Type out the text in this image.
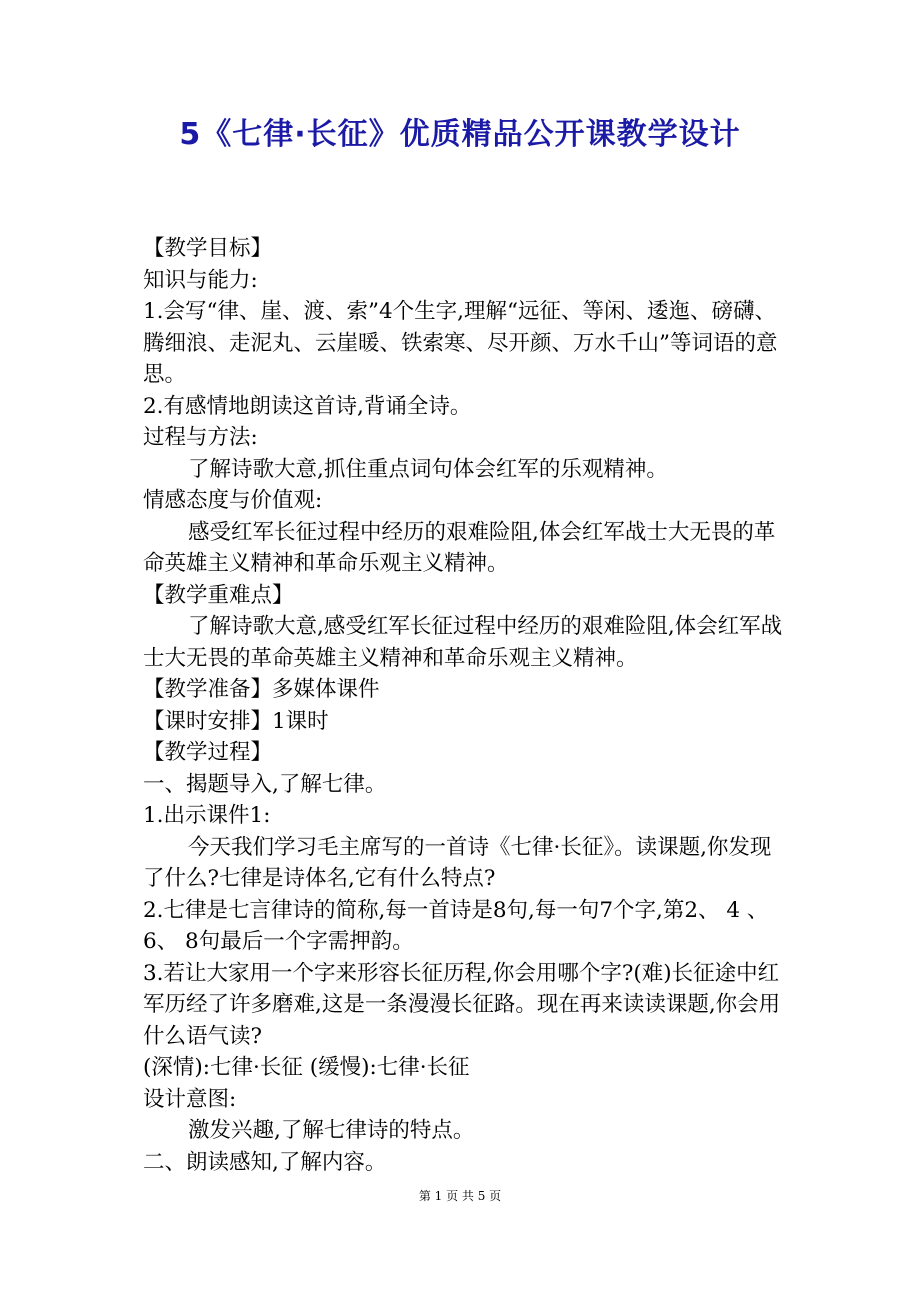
5《七律·长征》优质精品公开课教学设计

【教学目标】

知识与能力:

1.会写“律、崖、渡、索”4个生字,理解“远征、等闲、逶迤、磅礴、腾细浪、走泥丸、云崖暖、铁索寒、尽开颜、万水千山”等词语的意思。

2.有感情地朗读这首诗,背诵全诗。

过程与方法:

了解诗歌大意,抓住重点词句体会红军的乐观精神。

情感态度与价值观:

感受红军长征过程中经历的艰难险阻,体会红军战士大无畏的革命英雄主义精神和革命乐观主义精神。

【教学重难点】

了解诗歌大意,感受红军长征过程中经历的艰难险阻,体会红军战士大无畏的革命英雄主义精神和革命乐观主义精神。

【教学准备】多媒体课件

【课时安排】1课时

【教学过程】

一、揭题导入,了解七律。

1.出示课件1:

今天我们学习毛主席写的一首诗《七律·长征》。读课题,你发现了什么?七律是诗体名,它有什么特点?

2.七律是七言律诗的简称,每一首诗是8句,每一句7个字,第2、 4 、6、 8句最后一个字需押韵。

3.若让大家用一个字来形容长征历程,你会用哪个字?(难)长征途中红军历经了许多磨难,这是一条漫漫长征路。现在再来读读课题,你会用什么语气读?

(深情):七律·长征 (缓慢):七律·长征

设计意图:

激发兴趣,了解七律诗的特点。

二、朗读感知,了解内容。

第 1 页 共 5 页
